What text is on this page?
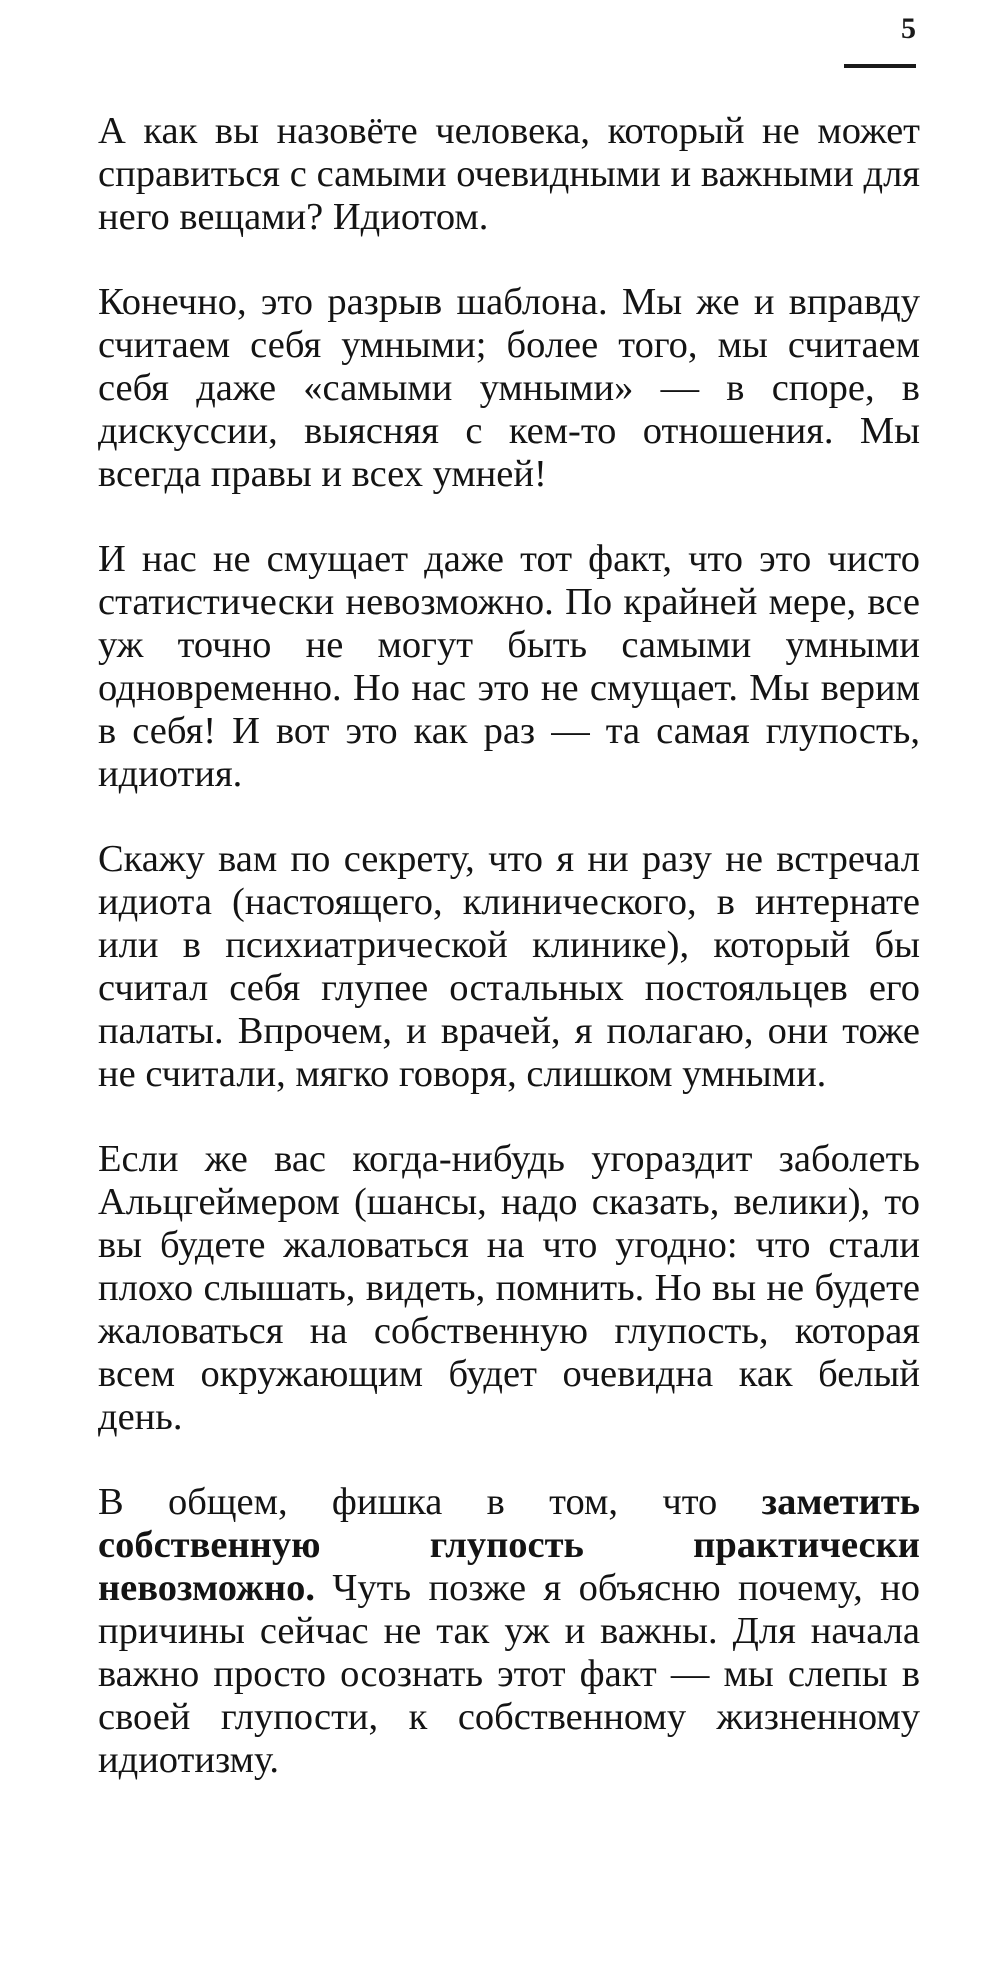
5

А как вы назовёте человека, который не может справиться с самыми очевидными и важными для него вещами? Идиотом.

Конечно, это разрыв шаблона. Мы же и вправду считаем себя умными; более того, мы считаем себя даже «самыми умными» — в споре, в дискуссии, выясняя с кем-то отношения. Мы всегда правы и всех умней!

И нас не смущает даже тот факт, что это чисто статистически невозможно. По крайней мере, все уж точно не могут быть самыми умными одновременно. Но нас это не смущает. Мы верим в себя! И вот это как раз — та самая глупость, идиотия.

Скажу вам по секрету, что я ни разу не встречал идиота (настоящего, клинического, в интернате или в психиатрической клинике), который бы считал себя глупее остальных постояльцев его палаты. Впрочем, и врачей, я полагаю, они тоже не считали, мягко говоря, слишком умными.

Если же вас когда-нибудь угораздит заболеть Альцгеймером (шансы, надо сказать, велики), то вы будете жаловаться на что угодно: что стали плохо слышать, видеть, помнить. Но вы не будете жаловаться на собственную глупость, которая всем окружающим будет очевидна как белый день.

В общем, фишка в том, что заметить собственную глупость практически невозможно. Чуть позже я объясню почему, но причины сейчас не так уж и важны. Для начала важно просто осознать этот факт — мы слепы в своей глупости, к собственному жизненному идиотизму.
